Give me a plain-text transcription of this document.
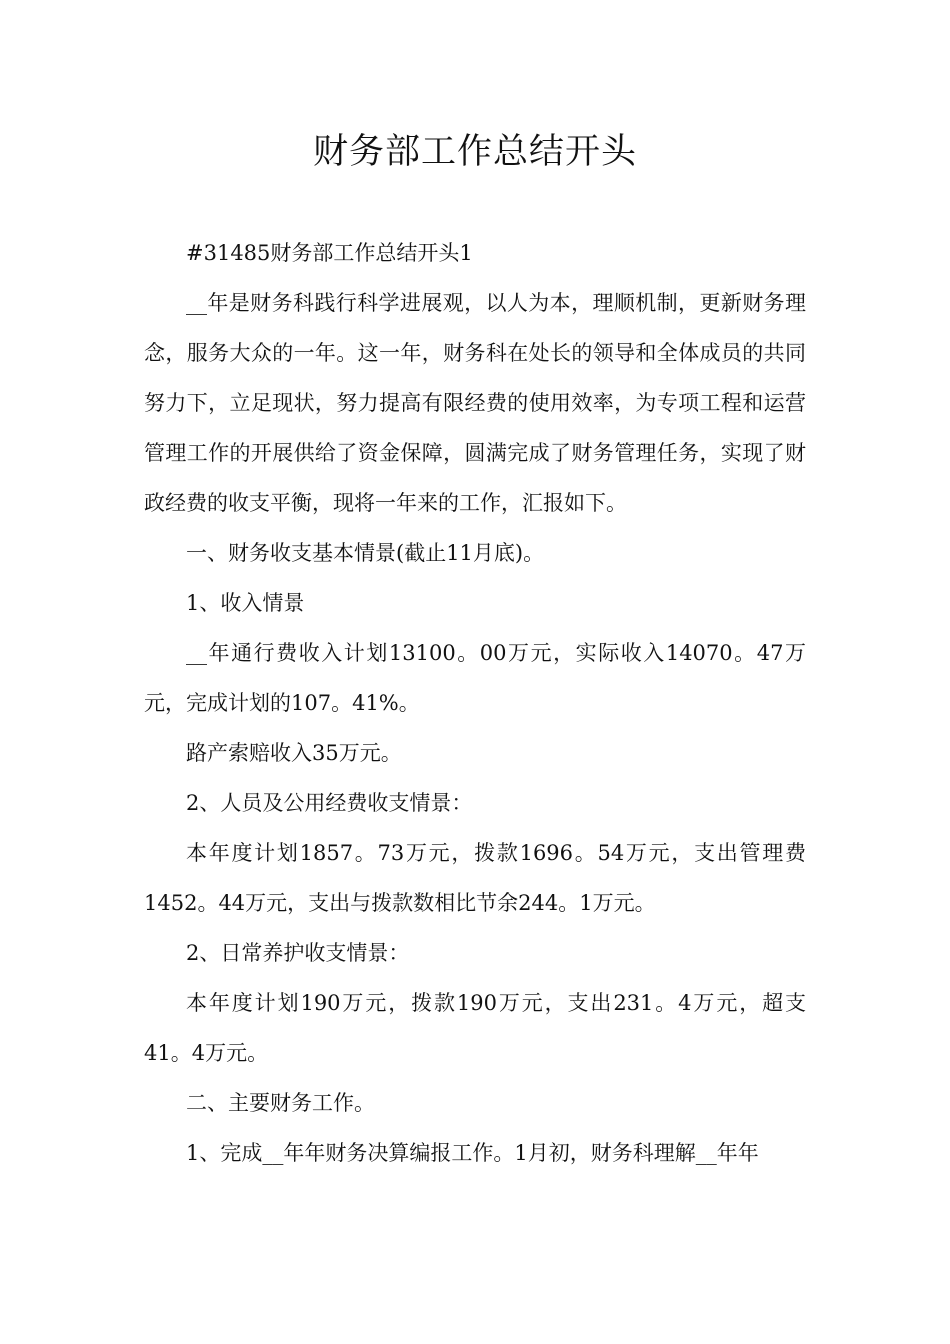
财务部工作总结开头

#31485财务部工作总结开头1

__年是财务科践行科学进展观，以人为本，理顺机制，更新财务理念，服务大众的一年。这一年，财务科在处长的领导和全体成员的共同努力下，立足现状，努力提高有限经费的使用效率，为专项工程和运营管理工作的开展供给了资金保障，圆满完成了财务管理任务，实现了财政经费的收支平衡，现将一年来的工作，汇报如下。

一、财务收支基本情景(截止11月底)。

1、收入情景

__年通行费收入计划13100。00万元，实际收入14070。47万元，完成计划的107。41%。

路产索赔收入35万元。

2、人员及公用经费收支情景：

本年度计划1857。73万元，拨款1696。54万元，支出管理费1452。44万元，支出与拨款数相比节余244。1万元。

2、日常养护收支情景：

本年度计划190万元，拨款190万元，支出231。4万元，超支41。4万元。

二、主要财务工作。

1、完成__年年财务决算编报工作。1月初，财务科理解__年年
